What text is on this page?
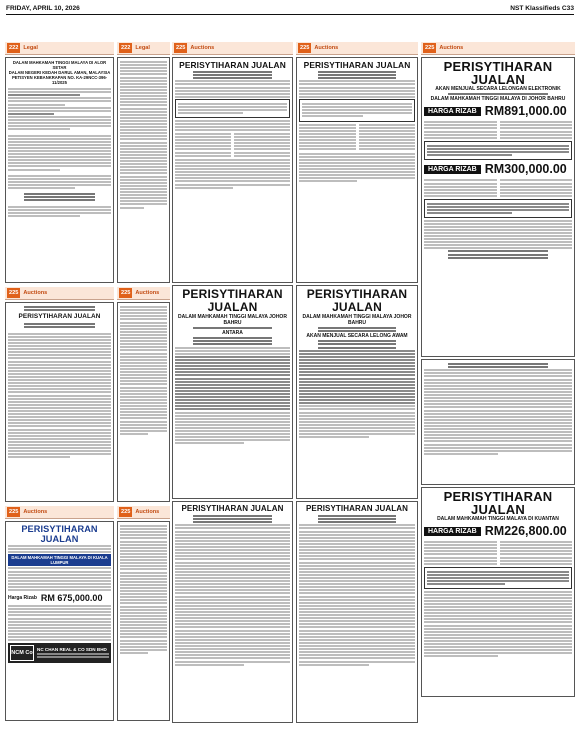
FRIDAY, APRIL 10, 2026	NST Klassifieds C33
222 Legal
DALAM MAHKAMAH TINGGI MALAYA DI ALOR SETAR
DALAM NEGERI KEDAH DARUL AMAN, MALAYSIA
PETISYEN KEBANKRAPAN NO. KA-29NCC-396-11/2025
225 Auctions
PERISYTIHARAN JUALAN
225 Auctions
PERISYTIHARAN JUALAN
DALAM MAHKAMAH TINGGI MALAYA DI KUALA LUMPUR
Harga Rizab RM 675,000.00
NCM Co
NC CHAN REAL & CO SDN BHD
222 Legal
225 Auctions
225 Auctions
225 Auctions
PERISYTIHARAN JUALAN
PERISYTIHARAN JUALAN
DALAM MAHKAMAH TINGGI MALAYA JOHOR BAHRU
ANTARA
PERISYTIHARAN JUALAN
225 Auctions
PERISYTIHARAN JUALAN
PERISYTIHARAN JUALAN
DALAM MAHKAMAH TINGGI MALAYA JOHOR BAHRU
AKAN MENJUAL SECARA LELONG AWAM
PERISYTIHARAN JUALAN
225 Auctions
PERISYTIHARAN JUALAN
AKAN MENJUAL SECARA LELONGAN ELEKTRONIK
DALAM MAHKAMAH TINGGI MALAYA DI JOHOR BAHRU
HARGA RIZAB RM891,000.00
HARGA RIZAB RM300,000.00
PERISYTIHARAN JUALAN
DALAM MAHKAMAH TINGGI MALAYA DI KUANTAN
HARGA RIZAB RM226,800.00
